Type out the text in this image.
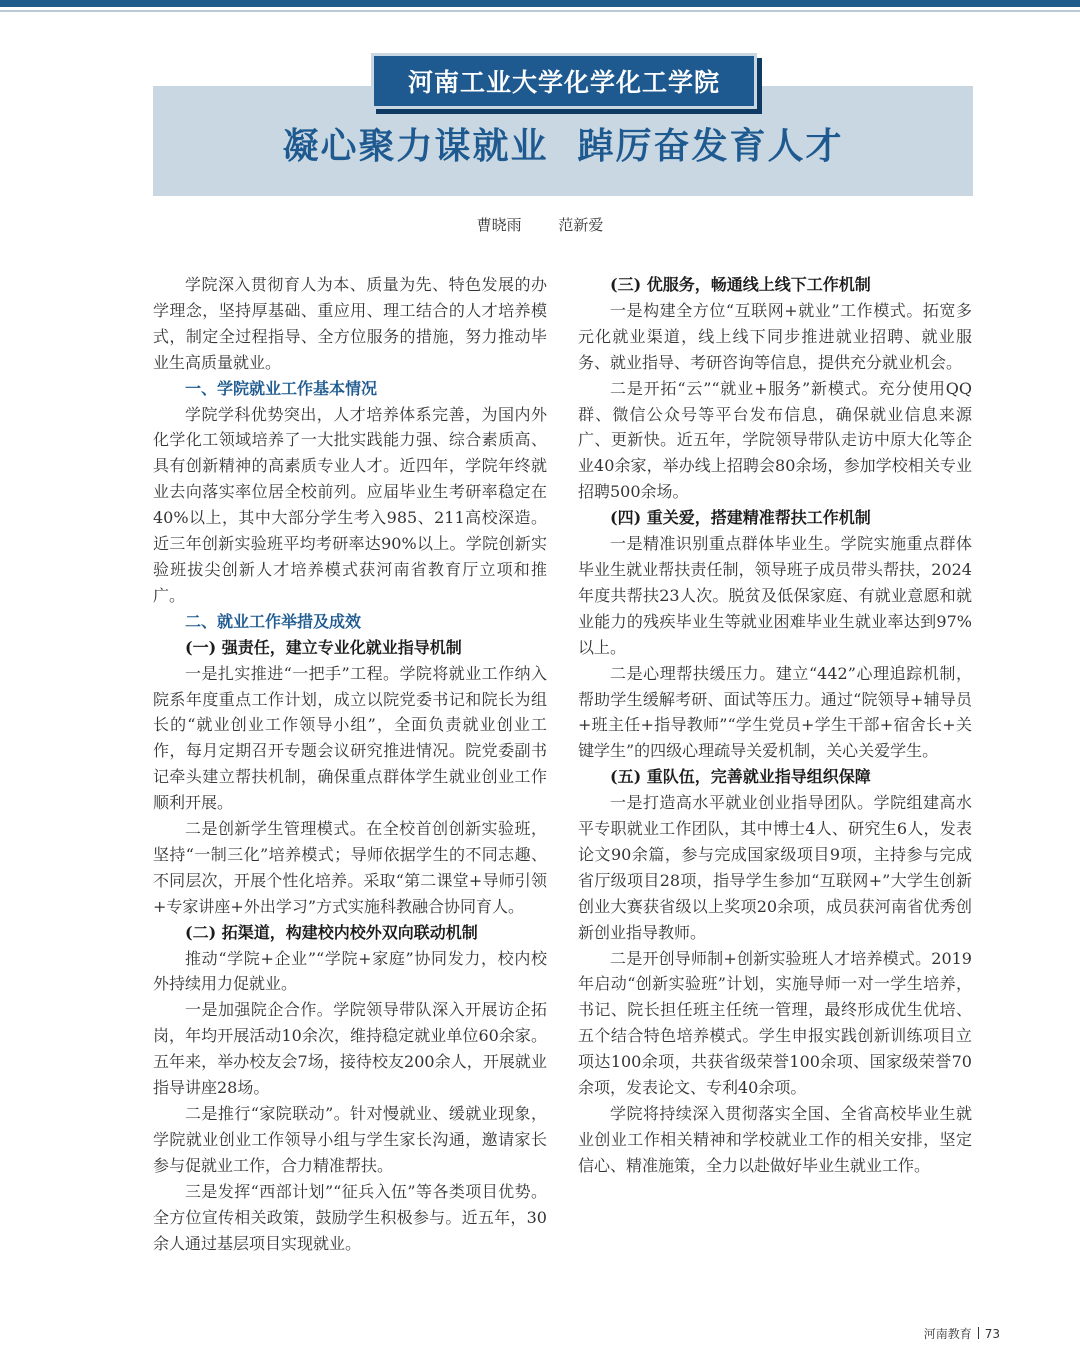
凝心聚力谋就业  踔厉奋发育人才
河南工业大学化学化工学院
曹晓雨 范新爱

学院深入贯彻育人为本、质量为先、特色发展的办学理念，坚持厚基础、重应用、理工结合的人才培养模式，制定全过程指导、全方位服务的措施，努力推动毕业生高质量就业。

一、学院就业工作基本情况

学院学科优势突出，人才培养体系完善，为国内外化学化工领域培养了一大批实践能力强、综合素质高、具有创新精神的高素质专业人才。近四年，学院年终就业去向落实率位居全校前列。应届毕业生考研率稳定在40%以上，其中大部分学生考入985、211高校深造。近三年创新实验班平均考研率达90%以上。学院创新实验班拔尖创新人才培养模式获河南省教育厅立项和推广。

二、就业工作举措及成效
(一) 强责任，建立专业化就业指导机制

一是扎实推进“一把手”工程。学院将就业工作纳入院系年度重点工作计划，成立以院党委书记和院长为组长的“就业创业工作领导小组”，全面负责就业创业工作，每月定期召开专题会议研究推进情况。院党委副书记牵头建立帮扶机制，确保重点群体学生就业创业工作顺利开展。

二是创新学生管理模式。在全校首创创新实验班，坚持“一制三化”培养模式；导师依据学生的不同志趣、不同层次，开展个性化培养。采取“第二课堂+导师引领+专家讲座+外出学习”方式实施科教融合协同育人。

(二) 拓渠道，构建校内校外双向联动机制

推动“学院+企业”“学院+家庭”协同发力，校内校外持续用力促就业。

一是加强院企合作。学院领导带队深入开展访企拓岗，年均开展活动10余次，维持稳定就业单位60余家。五年来，举办校友会7场，接待校友200余人，开展就业指导讲座28场。

二是推行“家院联动”。针对慢就业、缓就业现象，学院就业创业工作领导小组与学生家长沟通，邀请家长参与促就业工作，合力精准帮扶。

三是发挥“西部计划”“征兵入伍”等各类项目优势。全方位宣传相关政策，鼓励学生积极参与。近五年，30余人通过基层项目实现就业。

(三) 优服务，畅通线上线下工作机制

一是构建全方位“互联网+就业”工作模式。拓宽多元化就业渠道，线上线下同步推进就业招聘、就业服务、就业指导、考研咨询等信息，提供充分就业机会。

二是开拓“云”“就业+服务”新模式。充分使用QQ群、微信公众号等平台发布信息，确保就业信息来源广、更新快。近五年，学院领导带队走访中原大化等企业40余家，举办线上招聘会80余场，参加学校相关专业招聘500余场。

(四) 重关爱，搭建精准帮扶工作机制

一是精准识别重点群体毕业生。学院实施重点群体毕业生就业帮扶责任制，领导班子成员带头帮扶，2024年度共帮扶23人次。脱贫及低保家庭、有就业意愿和就业能力的残疾毕业生等就业困难毕业生就业率达到97%以上。

二是心理帮扶缓压力。建立“442”心理追踪机制，帮助学生缓解考研、面试等压力。通过“院领导+辅导员+班主任+指导教师”“学生党员+学生干部+宿舍长+关键学生”的四级心理疏导关爱机制，关心关爱学生。

(五) 重队伍，完善就业指导组织保障

一是打造高水平就业创业指导团队。学院组建高水平专职就业工作团队，其中博士4人、研究生6人，发表论文90余篇，参与完成国家级项目9项，主持参与完成省厅级项目28项，指导学生参加“互联网+”大学生创新创业大赛获省级以上奖项20余项，成员获河南省优秀创新创业指导教师。

二是开创导师制+创新实验班人才培养模式。2019年启动“创新实验班”计划，实施导师一对一学生培养，书记、院长担任班主任统一管理，最终形成优生优培、五个结合特色培养模式。学生申报实践创新训练项目立项达100余项，共获省级荣誉100余项、国家级荣誉70余项，发表论文、专利40余项。

学院将持续深入贯彻落实全国、全省高校毕业生就业创业工作相关精神和学校就业工作的相关安排，坚定信心、精准施策，全力以赴做好毕业生就业工作。

河南教育 73
